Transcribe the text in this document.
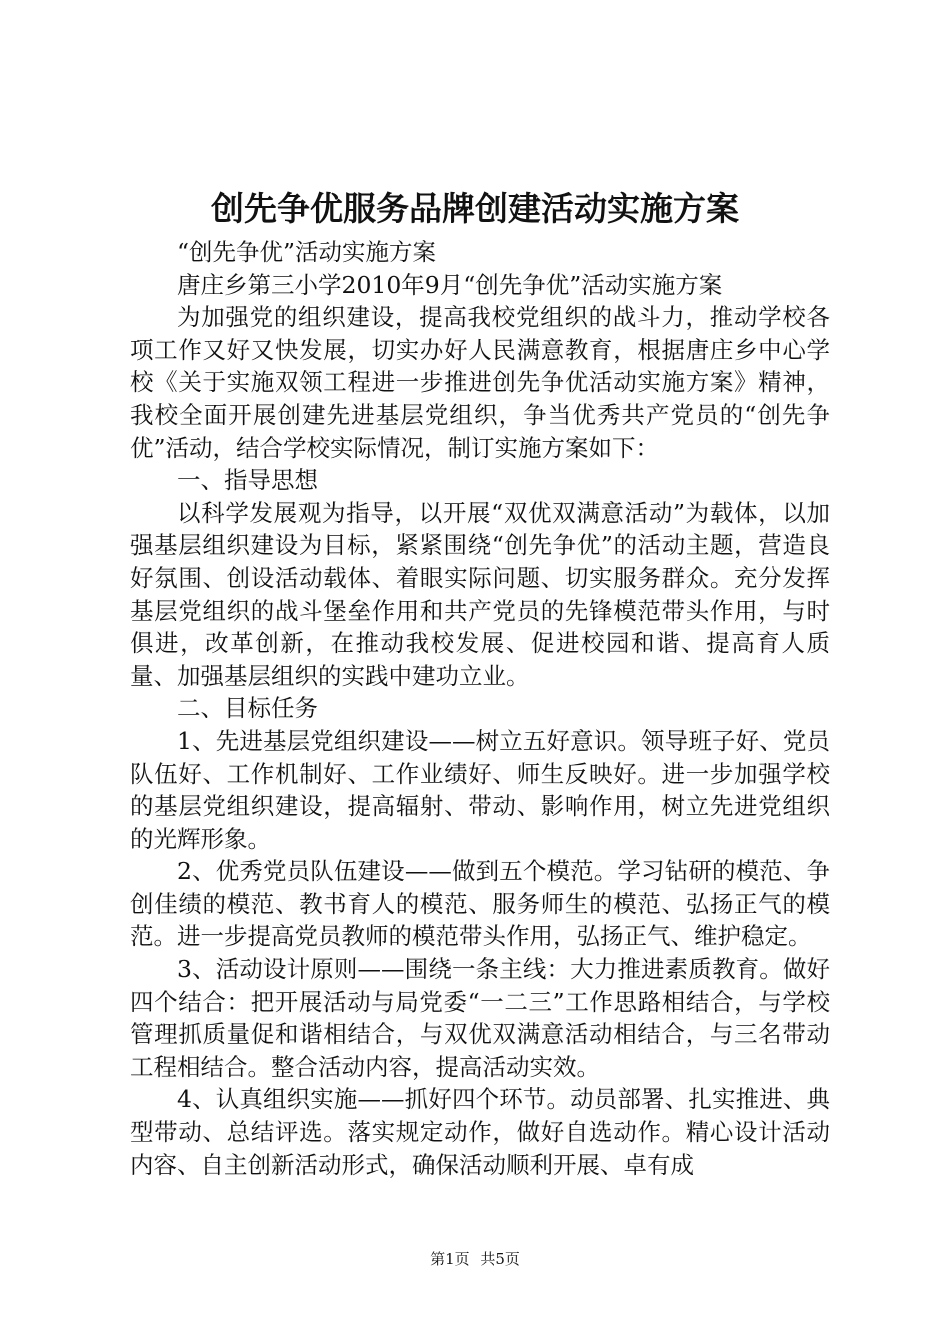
创先争优服务品牌创建活动实施方案

“创先争优”活动实施方案

唐庄乡第三小学2010年9月“创先争优”活动实施方案

为加强党的组织建设，提高我校党组织的战斗力，推动学校各项工作又好又快发展，切实办好人民满意教育，根据唐庄乡中心学校《关于实施双领工程进一步推进创先争优活动实施方案》精神，我校全面开展创建先进基层党组织，争当优秀共产党员的“创先争优”活动，结合学校实际情况，制订实施方案如下：

一、指导思想

以科学发展观为指导，以开展“双优双满意活动”为载体，以加强基层组织建设为目标，紧紧围绕“创先争优”的活动主题，营造良好氛围、创设活动载体、着眼实际问题、切实服务群众。充分发挥基层党组织的战斗堡垒作用和共产党员的先锋模范带头作用，与时俱进，改革创新，在推动我校发展、促进校园和谐、提高育人质量、加强基层组织的实践中建功立业。

二、目标任务

1、先进基层党组织建设——树立五好意识。领导班子好、党员队伍好、工作机制好、工作业绩好、师生反映好。进一步加强学校的基层党组织建设，提高辐射、带动、影响作用，树立先进党组织的光辉形象。

2、优秀党员队伍建设——做到五个模范。学习钻研的模范、争创佳绩的模范、教书育人的模范、服务师生的模范、弘扬正气的模范。进一步提高党员教师的模范带头作用，弘扬正气、维护稳定。

3、活动设计原则——围绕一条主线：大力推进素质教育。做好四个结合：把开展活动与局党委“一二三”工作思路相结合，与学校管理抓质量促和谐相结合，与双优双满意活动相结合，与三名带动工程相结合。整合活动内容，提高活动实效。

4、认真组织实施——抓好四个环节。动员部署、扎实推进、典型带动、总结评选。落实规定动作，做好自选动作。精心设计活动内容、自主创新活动形式，确保活动顺利开展、卓有成

第1页 共5页
